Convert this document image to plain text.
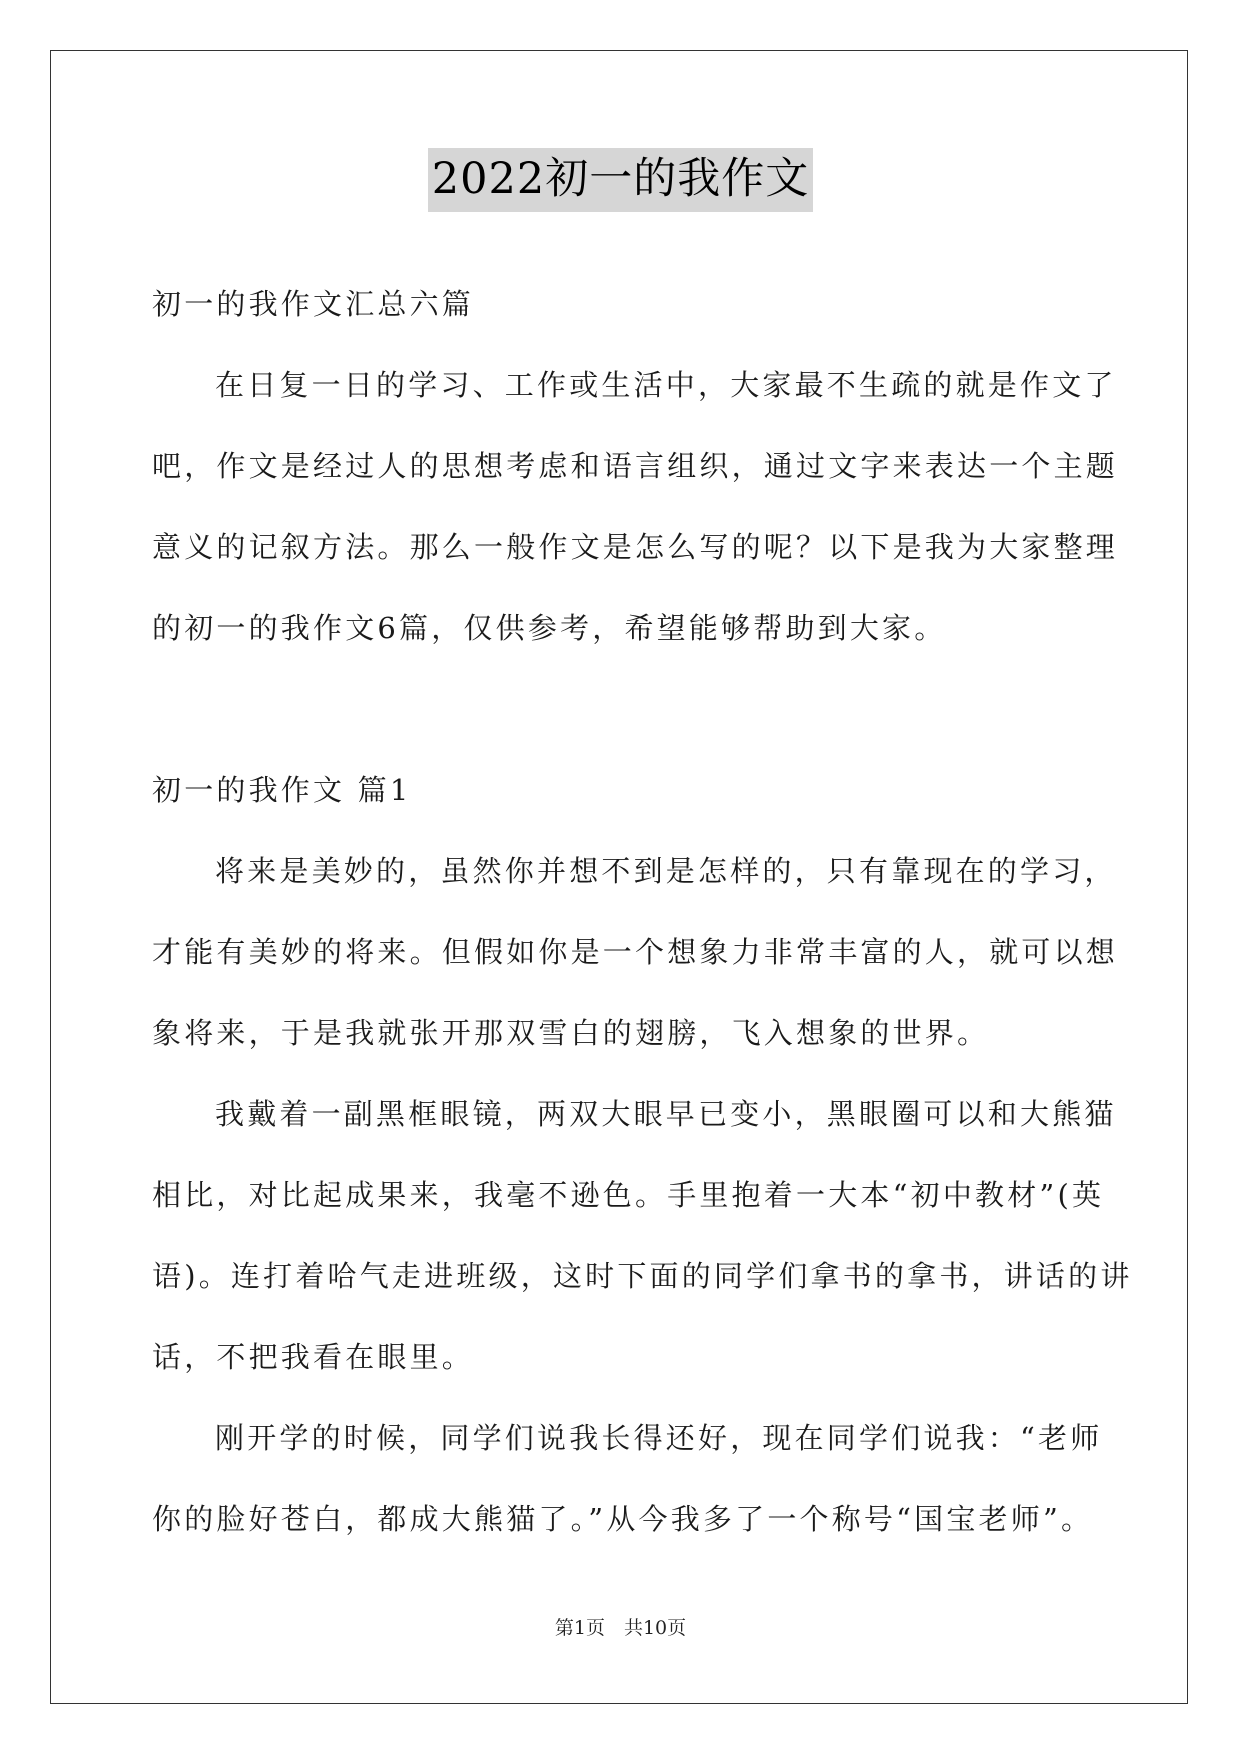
2022初一的我作文
初一的我作文汇总六篇
在日复一日的学习、工作或生活中，大家最不生疏的就是作文了
吧，作文是经过人的思想考虑和语言组织，通过文字来表达一个主题
意义的记叙方法。那么一般作文是怎么写的呢？以下是我为大家整理
的初一的我作文6篇，仅供参考，希望能够帮助到大家。
初一的我作文 篇1
将来是美妙的，虽然你并想不到是怎样的，只有靠现在的学习，
才能有美妙的将来。但假如你是一个想象力非常丰富的人，就可以想
象将来，于是我就张开那双雪白的翅膀，飞入想象的世界。
我戴着一副黑框眼镜，两双大眼早已变小，黑眼圈可以和大熊猫
相比，对比起成果来，我毫不逊色。手里抱着一大本“初中教材”(英
语)。连打着哈气走进班级，这时下面的同学们拿书的拿书，讲话的讲
话，不把我看在眼里。
刚开学的时候，同学们说我长得还好，现在同学们说我：“老师
你的脸好苍白，都成大熊猫了。”从今我多了一个称号“国宝老师”。
第1页　共10页
